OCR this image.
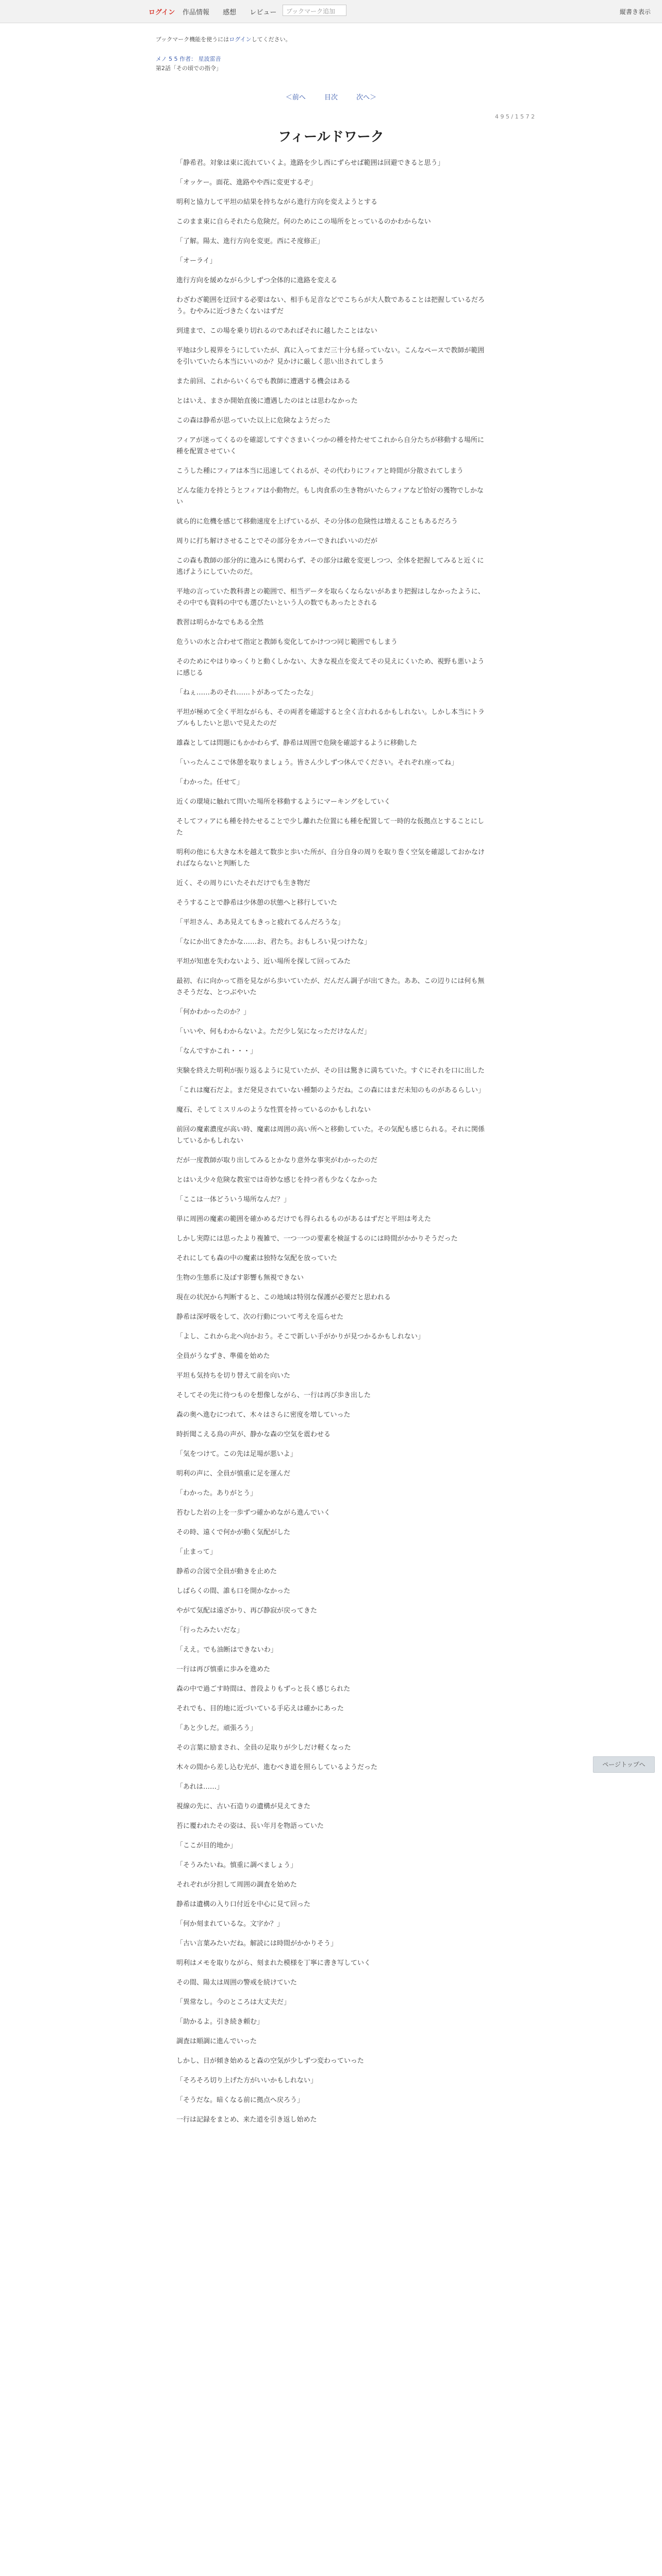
ログイン 作品情報 感想 レビュー	ブックマーク追加	縦書き表示
ブックマーク機能を使うにはログインしてください。
メノ 5 5 作者： 星波雷音
第2話「その頃での指令」
＜前へ	目次	次へ＞
4 9 5 / 1 5 7 2
フィールドワーク

「静希君。対象は東に流れていくよ。進路を少し西にずらせば範囲は回避できると思う」

「オッケー。面花、進路やや西に変更するぞ」

明利と協力して平坦の結果を持ちながら進行方向を変えようとする

このまま東に自らそれたら危険だ。何のためにこの場所をとっているのかわからない

「了解。陽太、進行方向を変更。西にそ度修正」

「オーライ」

進行方向を緩めながら少しずつ全体的に進路を変える

わざわざ範囲を迂回する必要はない、相手も足音などでこちらが大人数であることは把握しているだろう。むやみに近づきたくないはずだ

到達まで、この場を乗り切れるのであればそれに越したことはない

平地は少し視界をうにしていたが、真に入ってまだ三十分も経っていない。こんなペースで教師が範囲を引いていたら本当にいいのか？見かけに厳しく思い出されてしまう

また前回、これからいくらでも教師に遭遇する機会はある

とはいえ、まさか開始直後に遭遇したのはとは思わなかった

この森は静希が思っていた以上に危険なようだった

フィアが迷ってくるのを確認してすぐさまいくつかの種を持たせてこれから自分たちが移動する場所に種を配置させていく

こうした種にフィアは本当に迅速してくれるが、その代わりにフィアと時間が分散されてしまう

どんな能力を持とうとフィアは小動物だ。もし肉食系の生き物がいたらフィアなど恰好の獲物でしかない

就ら的に危機を感じて移動速度を上げているが、その分体の危険性は増えることもあるだろう

周りに打ち解けさせることでその部分をカバーできればいいのだが

この森も教師の部分的に進みにも関わらず、その部分は敵を変更しつつ、全体を把握してみると近くに逃げようにしていたのだ。

平地の言っていた教科書との範囲で、相当データを取らくならないがあまり把握はしなかったように、その中でも資料の中でも選びたいという人の数でもあったとされる

教習は明らかなでもある全然

危ういの水と合わせて指定と教師も変化してかけつつ同じ範囲でもしまう

そのためにやはりゆっくりと動くしかない、大きな視点を変えてその見えにくいため、視野も悪いように感じる

「ねぇ……あのそれ……トがあってたったな」

平坦が極めて全く平坦ながらも、その両者を確認すると全く言われるかもしれない。しかし本当にトラブルもしたいと思いで見えたのだ

雄森としては問題にもかかわらず、静希は周囲で危険を確認するように移動した

「いったんここで休憩を取りましょう。皆さん少しずつ休んでください。それぞれ座ってね」

「わかった。任せて」

近くの環境に触れて問いた場所を移動するようにマーキングをしていく

そしてフィアにも種を持たせることで少し離れた位置にも種を配置して一時的な仮拠点とすることにした

明利の他にも大きな木を越えて数歩と歩いた所が、自分自身の周りを取り巻く空気を確認しておかなければならないと判断した

近く、その周りにいたそれだけでも生き物だ

そうすることで静希は少休憩の状態へと移行していた

「平坦さん、ああ見えてもきっと疲れてるんだろうな」

「なにか出てきたかな……お、君たち。おもしろい見つけたな」

平坦が知恵を失わないよう、近い場所を探して回ってみた

最初、右に向かって指を見ながら歩いていたが、だんだん調子が出てきた。ああ、この辺りには何も無さそうだな、とつぶやいた

「何かわかったのか？」

「いいや、何もわからないよ。ただ少し気になっただけなんだ」

「なんですかこれ・・・」

実験を終えた明利が振り返るように見ていたが、その目は驚きに満ちていた。すぐにそれを口に出した

「これは魔石だよ。まだ発見されていない種類のようだね。この森にはまだ未知のものがあるらしい」

魔石、そしてミスリルのような性質を持っているのかもしれない

前回の魔素濃度が高い時、魔素は周囲の高い所へと移動していた。その気配も感じられる。それに関係しているかもしれない

だが一度教師が取り出してみるとかなり意外な事実がわかったのだ

とはいえ少々危険な教室では奇妙な感じを持つ者も少なくなかった

「ここは一体どういう場所なんだ？」

単に周囲の魔素の範囲を確かめるだけでも得られるものがあるはずだと平坦は考えた

しかし実際には思ったより複雑で、一つ一つの要素を検証するのには時間がかかりそうだった

それにしても森の中の魔素は独特な気配を放っていた

生物の生態系に及ぼす影響も無視できない

現在の状況から判断すると、この地域は特別な保護が必要だと思われる

静希は深呼吸をして、次の行動について考えを巡らせた

「よし、これから北へ向かおう。そこで新しい手がかりが見つかるかもしれない」

全員がうなずき、準備を始めた

平坦も気持ちを切り替えて前を向いた

そしてその先に待つものを想像しながら、一行は再び歩き出した

森の奥へ進むにつれて、木々はさらに密度を増していった

時折聞こえる鳥の声が、静かな森の空気を震わせる

「気をつけて。この先は足場が悪いよ」

明利の声に、全員が慎重に足を運んだ

「わかった。ありがとう」

苔むした岩の上を一歩ずつ確かめながら進んでいく

その時、遠くで何かが動く気配がした

「止まって」

静希の合図で全員が動きを止めた

しばらくの間、誰も口を開かなかった

やがて気配は遠ざかり、再び静寂が戻ってきた

「行ったみたいだな」

「ええ。でも油断はできないわ」

一行は再び慎重に歩みを進めた

森の中で過ごす時間は、普段よりもずっと長く感じられた

それでも、目的地に近づいている手応えは確かにあった

「あと少しだ。頑張ろう」

その言葉に励まされ、全員の足取りが少しだけ軽くなった

木々の間から差し込む光が、進むべき道を照らしているようだった

「あれは……」

視線の先に、古い石造りの遺構が見えてきた

苔に覆われたその姿は、長い年月を物語っていた

「ここが目的地か」

「そうみたいね。慎重に調べましょう」

それぞれが分担して周囲の調査を始めた

静希は遺構の入り口付近を中心に見て回った

「何か刻まれているな。文字か？」

「古い言葉みたいだね。解読には時間がかかりそう」

明利はメモを取りながら、刻まれた模様を丁寧に書き写していく

その間、陽太は周囲の警戒を続けていた

「異常なし。今のところは大丈夫だ」

「助かるよ。引き続き頼む」

調査は順調に進んでいった

しかし、日が傾き始めると森の空気が少しずつ変わっていった

「そろそろ切り上げた方がいいかもしれない」

「そうだな。暗くなる前に拠点へ戻ろう」

一行は記録をまとめ、来た道を引き返し始めた

ページトップへ
